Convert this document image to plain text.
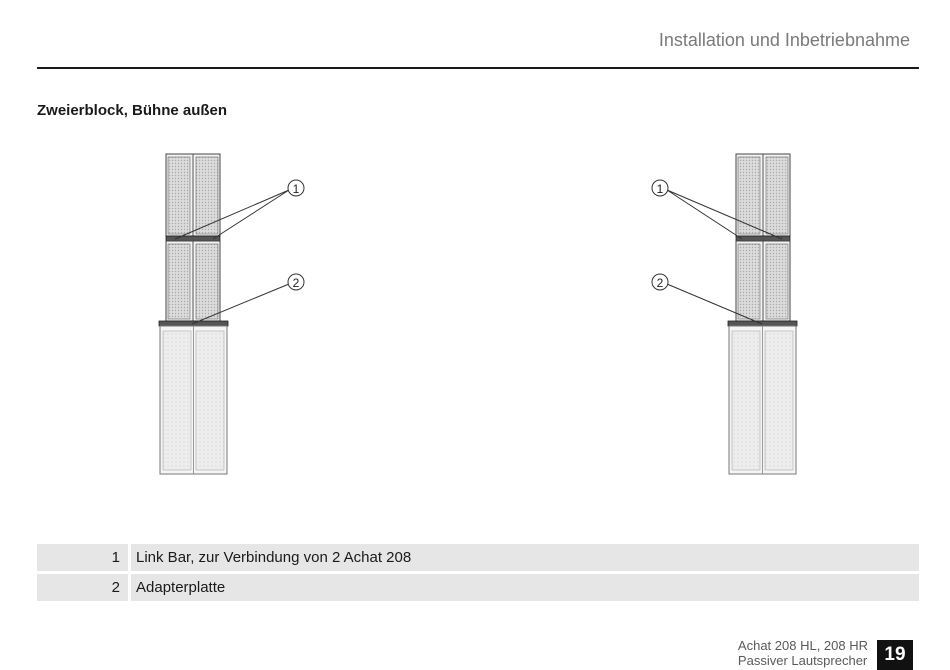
Installation und Inbetriebnahme
Zweierblock, Bühne außen
1
2
1
2
1	Link Bar, zur Verbindung von 2 Achat 208
2	Adapterplatte
Achat 208 HL, 208 HR
Passiver Lautsprecher 19
